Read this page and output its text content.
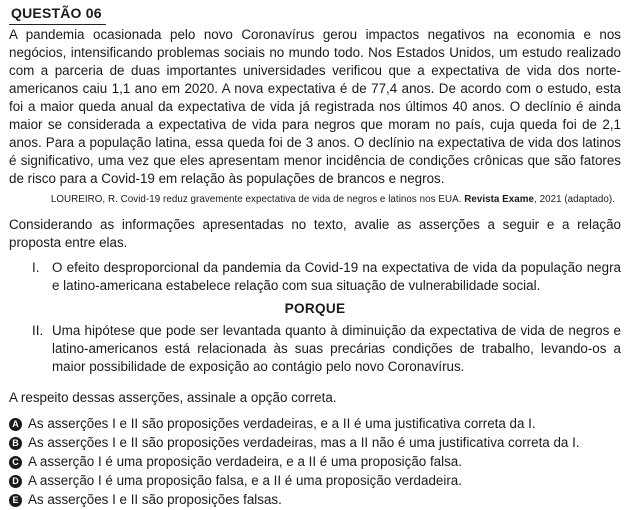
QUESTÃO 06
A pandemia ocasionada pelo novo Coronavírus gerou impactos negativos na economia e nos negócios, intensificando problemas sociais no mundo todo. Nos Estados Unidos, um estudo realizado com a parceria de duas importantes universidades verificou que a expectativa de vida dos norte-americanos caiu 1,1 ano em 2020. A nova expectativa é de 77,4 anos. De acordo com o estudo, esta foi a maior queda anual da expectativa de vida já registrada nos últimos 40 anos. O declínio é ainda maior se considerada a expectativa de vida para negros que moram no país, cuja queda foi de 2,1 anos. Para a população latina, essa queda foi de 3 anos. O declínio na expectativa de vida dos latinos é significativo, uma vez que eles apresentam menor incidência de condições crônicas que são fatores de risco para a Covid-19 em relação às populações de brancos e negros.
LOUREIRO, R. Covid-19 reduz gravemente expectativa de vida de negros e latinos nos EUA. Revista Exame, 2021 (adaptado).
Considerando as informações apresentadas no texto, avalie as asserções a seguir e a relação proposta entre elas.
I. O efeito desproporcional da pandemia da Covid-19 na expectativa de vida da população negra e latino-americana estabelece relação com sua situação de vulnerabilidade social.
PORQUE
II. Uma hipótese que pode ser levantada quanto à diminuição da expectativa de vida de negros e latino-americanos está relacionada às suas precárias condições de trabalho, levando-os a maior possibilidade de exposição ao contágio pelo novo Coronavírus.
A respeito dessas asserções, assinale a opção correta.
A As asserções I e II são proposições verdadeiras, e a II é uma justificativa correta da I.
B As asserções I e II são proposições verdadeiras, mas a II não é uma justificativa correta da I.
C A asserção I é uma proposição verdadeira, e a II é uma proposição falsa.
D A asserção I é uma proposição falsa, e a II é uma proposição verdadeira.
E As asserções I e II são proposições falsas.
